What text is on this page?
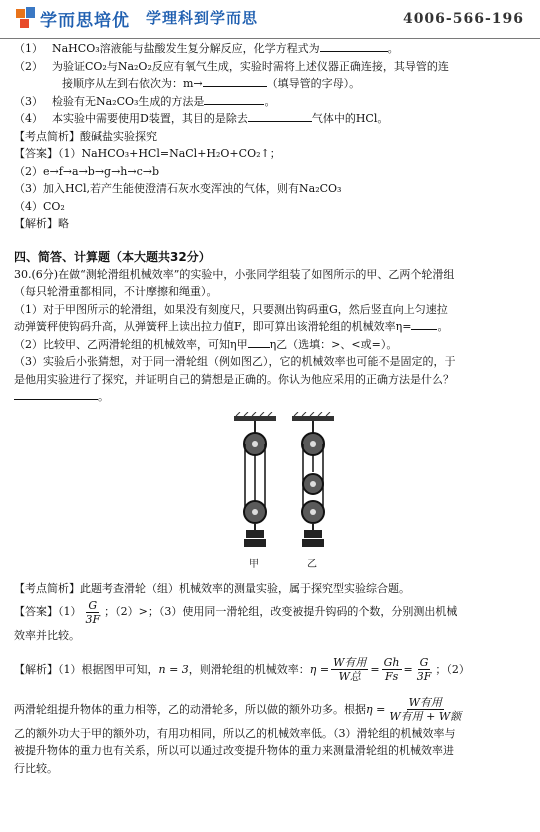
学而思培优 学理科到学而思	4006-566-196
（1） NaHCO₃溶液能与盐酸发生复分解反应，化学方程式为	。
（2） 为验证CO₂与Na₂O₂反应有氧气生成，实验时需将上述仪器正确连接，其导管的连
接顺序从左到右依次为：m→	（填导管的字母）。
（3） 检验有无Na₂CO₃生成的方法是	。
（4） 本实验中需要使用D装置，其目的是除去	气体中的HCl。

【考点简析】酸碱盐实验探究

【答案】（1）NaHCO₃+HCl=NaCl+H₂O+CO₂↑；

（2）e→f→a→b→g→h→c→b

（3）加入HCl,若产生能使澄清石灰水变浑浊的气体，则有Na₂CO₃

（4）CO₂

【解析】略

四、简答、计算题（本大题共32分）

30.(6分)在做“测轮滑组机械效率”的实验中，小张同学组装了如图所示的甲、乙两个轮滑组

（每只轮滑重都相同，不计摩擦和绳重）。

（1）对于甲图所示的轮滑组，如果没有刻度尺，只要测出钩码重G，然后竖直向上匀速拉

动弹簧秤使钩码升高，从弹簧秤上读出拉力值F，即可算出该滑轮组的机械效率η= 。

（2）比较甲、乙两滑轮组的机械效率，可知η甲 η乙（选填：>、<或=）。

（3）实验后小张猜想，对于同一滑轮组（例如图乙），它的机械效率也可能不是固定的，于

是他用实验进行了探究，并证明自己的猜想是正确的。你认为他应采用的正确方法是什么？

。

甲	乙

【考点简析】此题考查滑轮（组）机械效率的测量实验，属于探究型实验综合题。

【答案】$(1) \frac{G}{3F}$ ；（2）>；（3）使用同一滑轮组，改变被提升钩码的个数，分别测出机械

效率并比较。

【解析】（1）根据图甲可知，n = 3，则滑轮组的机械效率：$\eta = \frac{\text{W有用}}{\text{W总}} = \frac{Gh}{Fs} = \frac{G}{3F}$ ；（2）

两滑轮组提升物体的重力相等，乙的动滑轮多，所以做的额外功多。根据$\eta = \frac{\text{W有用}}{\text{W有用 + W额}}$

乙的额外功大于甲的额外功，有用功相同，所以乙的机械效率低。（3）滑轮组的机械效率与

被提升物体的重力也有关系，所以可以通过改变提升物体的重力来测量滑轮组的机械效率进

行比较。
